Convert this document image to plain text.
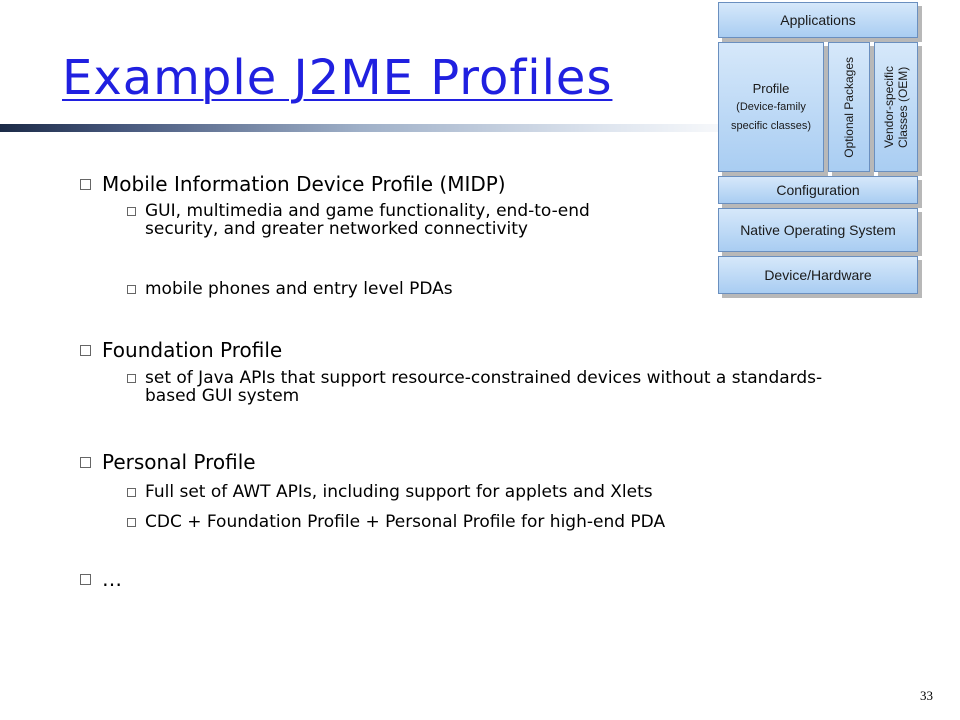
Example J2ME Profiles
Applications
Profile
(Device-family
specific classes)	Optional Packages Vendor-specific Classes (OEM)
Configuration
Native Operating System
Device/Hardware
Mobile Information Device Profile (MIDP)
GUI, multimedia and game functionality, end-to-end security, and greater networked connectivity
mobile phones and entry level PDAs
Foundation Profile
set of Java APIs that support resource-constrained devices without a standards-based GUI system
Personal Profile
Full set of AWT APIs, including support for applets and Xlets
CDC + Foundation Profile + Personal Profile for high-end PDA
…
33
